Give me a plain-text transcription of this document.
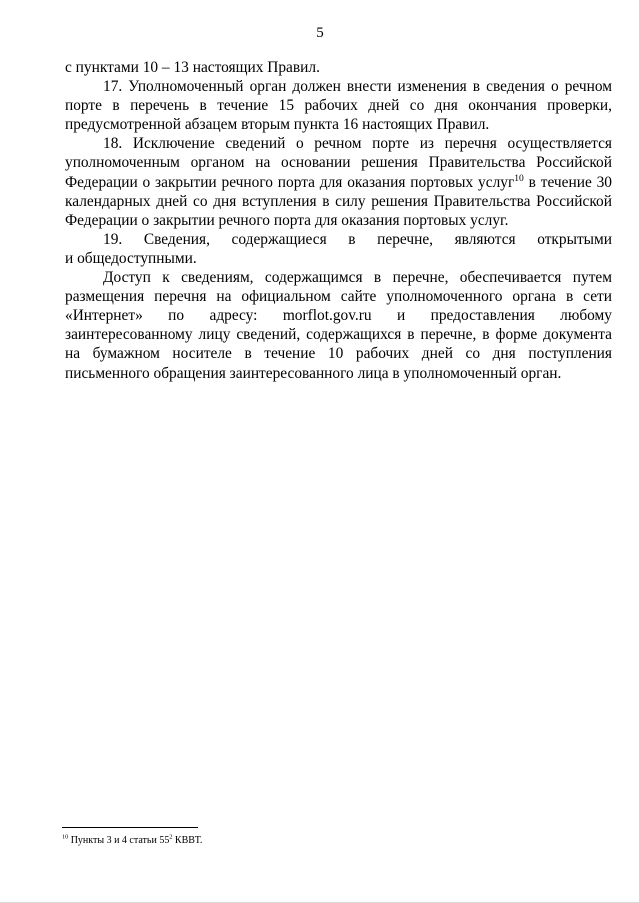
5

с пунктами 10 – 13 настоящих Правил.

17. Уполномоченный орган должен внести изменения в сведения о речном порте в перечень в течение 15 рабочих дней со дня окончания проверки, предусмотренной абзацем вторым пункта 16 настоящих Правил.

18. Исключение сведений о речном порте из перечня осуществляется уполномоченным органом на основании решения Правительства Российской Федерации о закрытии речного порта для оказания портовых услуг$^{10}$ в течение 30 календарных дней со дня вступления в силу решения Правительства Российской Федерации о закрытии речного порта для оказания портовых услуг.

19. Сведения, содержащиеся в перечне, являются открытыми

и общедоступными.

Доступ к сведениям, содержащимся в перечне, обеспечивается путем размещения перечня на официальном сайте уполномоченного органа в сети «Интернет» по адресу: morflot.gov.ru и предоставления любому заинтересованному лицу сведений, содержащихся в перечне, в форме документа на бумажном носителе в течение 10 рабочих дней со дня поступления письменного обращения заинтересованного лица в уполномоченный орган.

$^{10}$ Пункты 3 и 4 статьи $55^2$ КВВТ.
